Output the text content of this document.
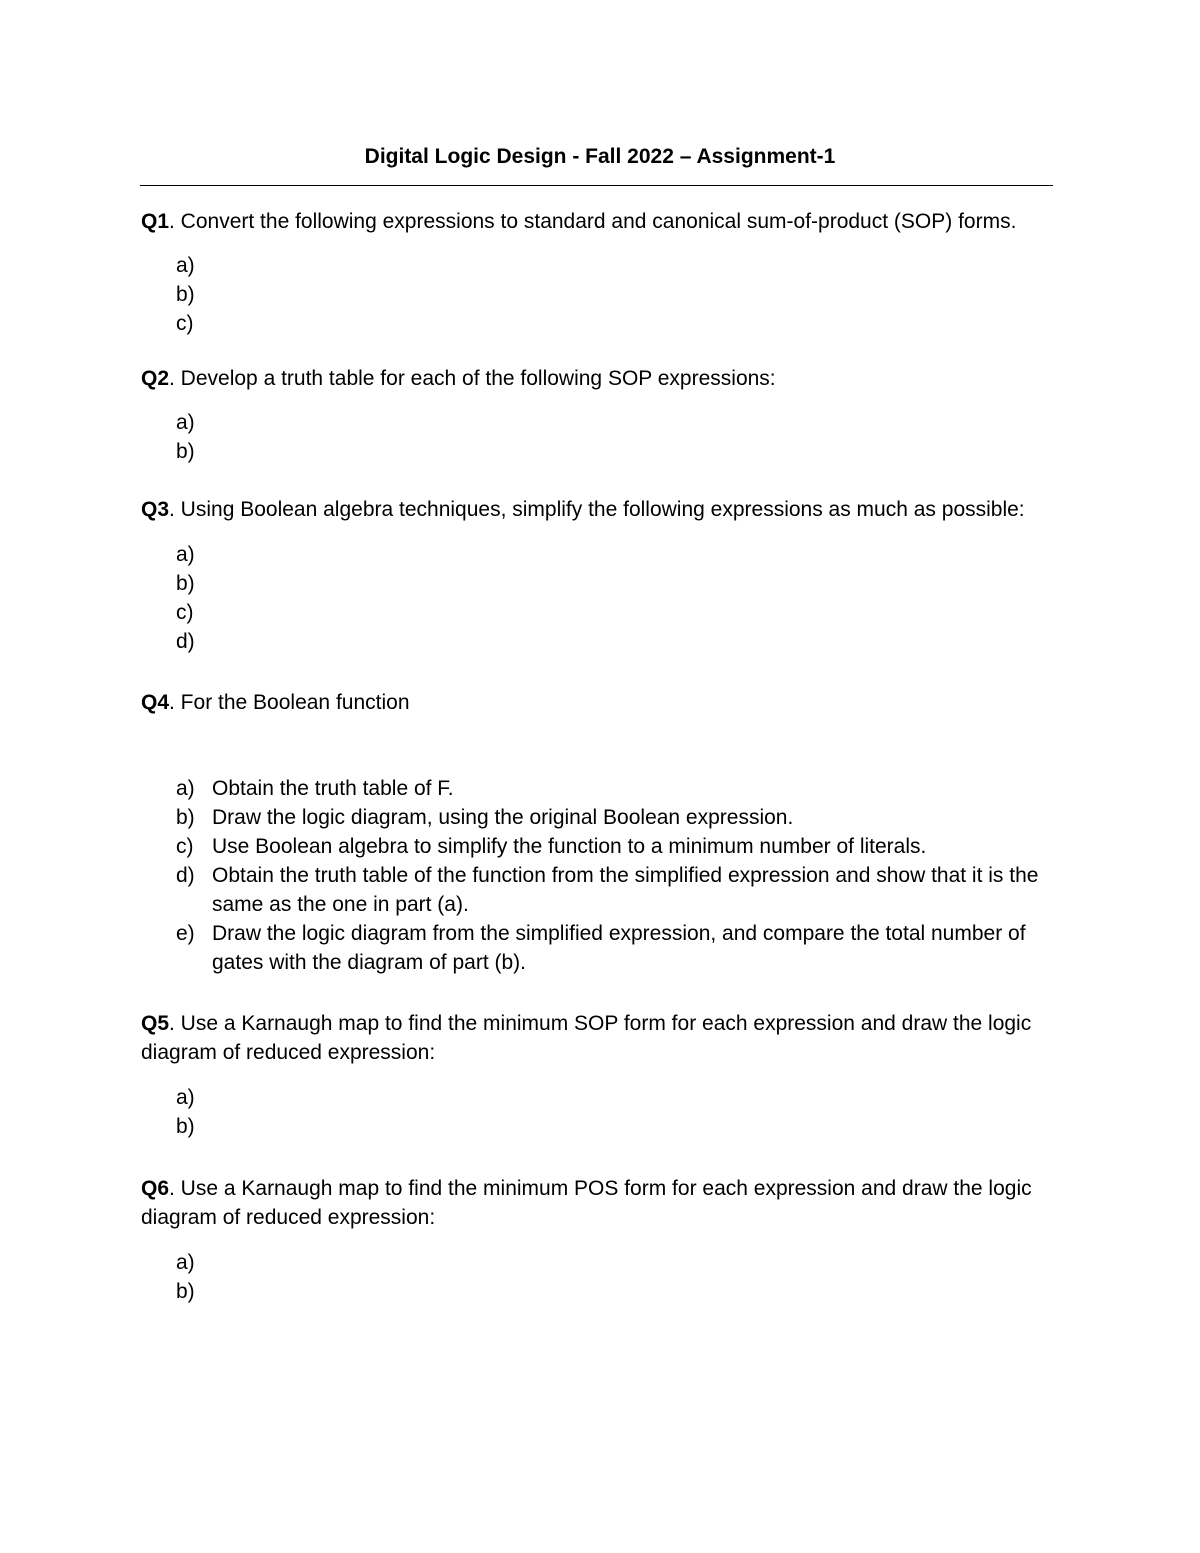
Digital Logic Design - Fall 2022 – Assignment-1
Q1. Convert the following expressions to standard and canonical sum-of-product (SOP) forms.
a)
b)
c)
Q2. Develop a truth table for each of the following SOP expressions:
a)
b)
Q3. Using Boolean algebra techniques, simplify the following expressions as much as possible:
a)
b)
c)
d)
Q4. For the Boolean function
a) Obtain the truth table of F.
b) Draw the logic diagram, using the original Boolean expression.
c) Use Boolean algebra to simplify the function to a minimum number of literals.
d) Obtain the truth table of the function from the simplified expression and show that it is the same as the one in part (a).
e) Draw the logic diagram from the simplified expression, and compare the total number of gates with the diagram of part (b).
Q5. Use a Karnaugh map to find the minimum SOP form for each expression and draw the logic diagram of reduced expression:
a)
b)
Q6. Use a Karnaugh map to find the minimum POS form for each expression and draw the logic diagram of reduced expression:
a)
b)
